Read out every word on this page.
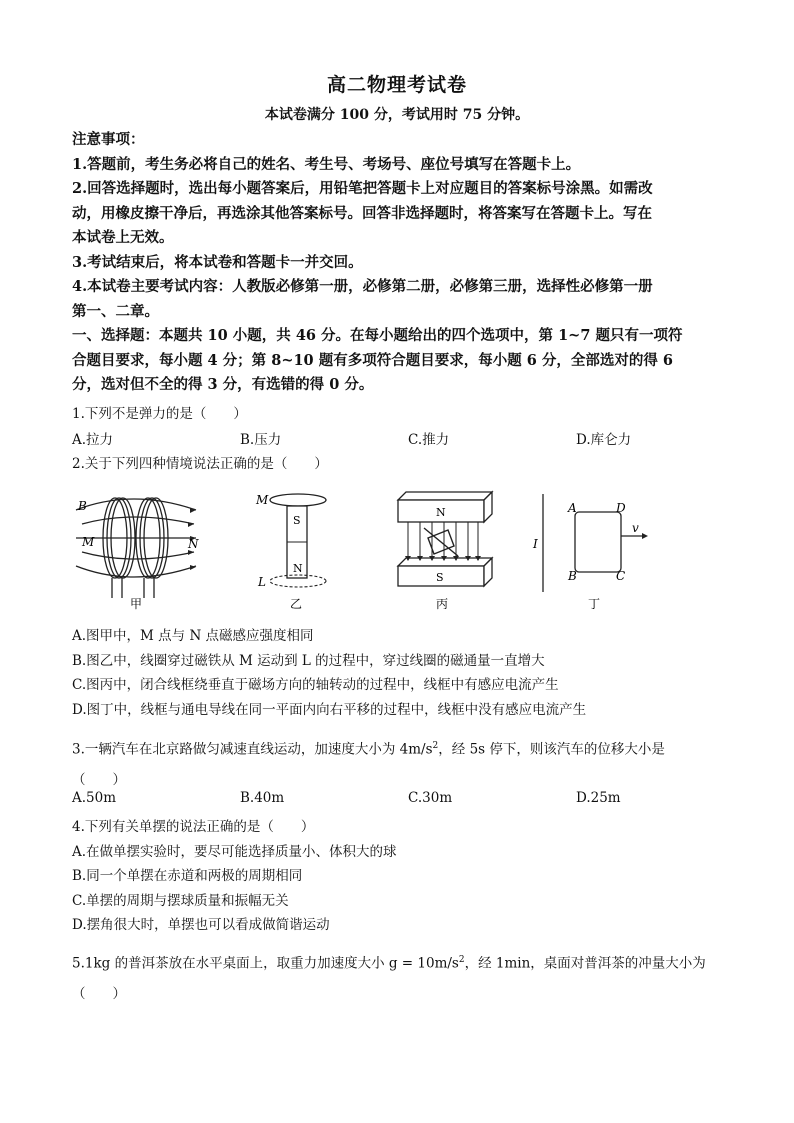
高二物理考试卷
本试卷满分 100 分，考试用时 75 分钟。
注意事项：
1.答题前，考生务必将自己的姓名、考生号、考场号、座位号填写在答题卡上。
2.回答选择题时，选出每小题答案后，用铅笔把答题卡上对应题目的答案标号涂黑。如需改
动，用橡皮擦干净后，再选涂其他答案标号。回答非选择题时，将答案写在答题卡上。写在
本试卷上无效。
3.考试结束后，将本试卷和答题卡一并交回。
4.本试卷主要考试内容：人教版必修第一册，必修第二册，必修第三册，选择性必修第一册
第一、二章。
一、选择题：本题共 10 小题，共 46 分。在每小题给出的四个选项中，第 1~7 题只有一项符
合题目要求，每小题 4 分；第 8~10 题有多项符合题目要求，每小题 6 分，全部选对的得 6
分，选对但不全的得 3 分，有选错的得 0 分。
1.下列不是弹力的是（　　）
A.拉力	B.压力	C.推力	D.库仑力
2.关于下列四种情境说法正确的是（　　）
B
M	N
甲
M
S
N
L
乙
N
S
丙
I
A	D
B	C
v
丁
A.图甲中，M 点与 N 点磁感应强度相同
B.图乙中，线圈穿过磁铁从 M 运动到 L 的过程中，穿过线圈的磁通量一直增大
C.图丙中，闭合线框绕垂直于磁场方向的轴转动的过程中，线框中有感应电流产生
D.图丁中，线框与通电导线在同一平面内向右平移的过程中，线框中没有感应电流产生
3.一辆汽车在北京路做匀减速直线运动，加速度大小为 $4m/s^2$，经 5s 停下，则该汽车的位移大小是
（　　）
A.50m	B.40m	C.30m	D.25m
4.下列有关单摆的说法正确的是（　　）
A.在做单摆实验时，要尽可能选择质量小、体积大的球
B.同一个单摆在赤道和两极的周期相同
C.单摆的周期与摆球质量和振幅无关
D.摆角很大时，单摆也可以看成做简谐运动
5.1kg 的普洱茶放在水平桌面上，取重力加速度大小 $g = 10m/s^2$，经 1min，桌面对普洱茶的冲量大小为
（　　）
